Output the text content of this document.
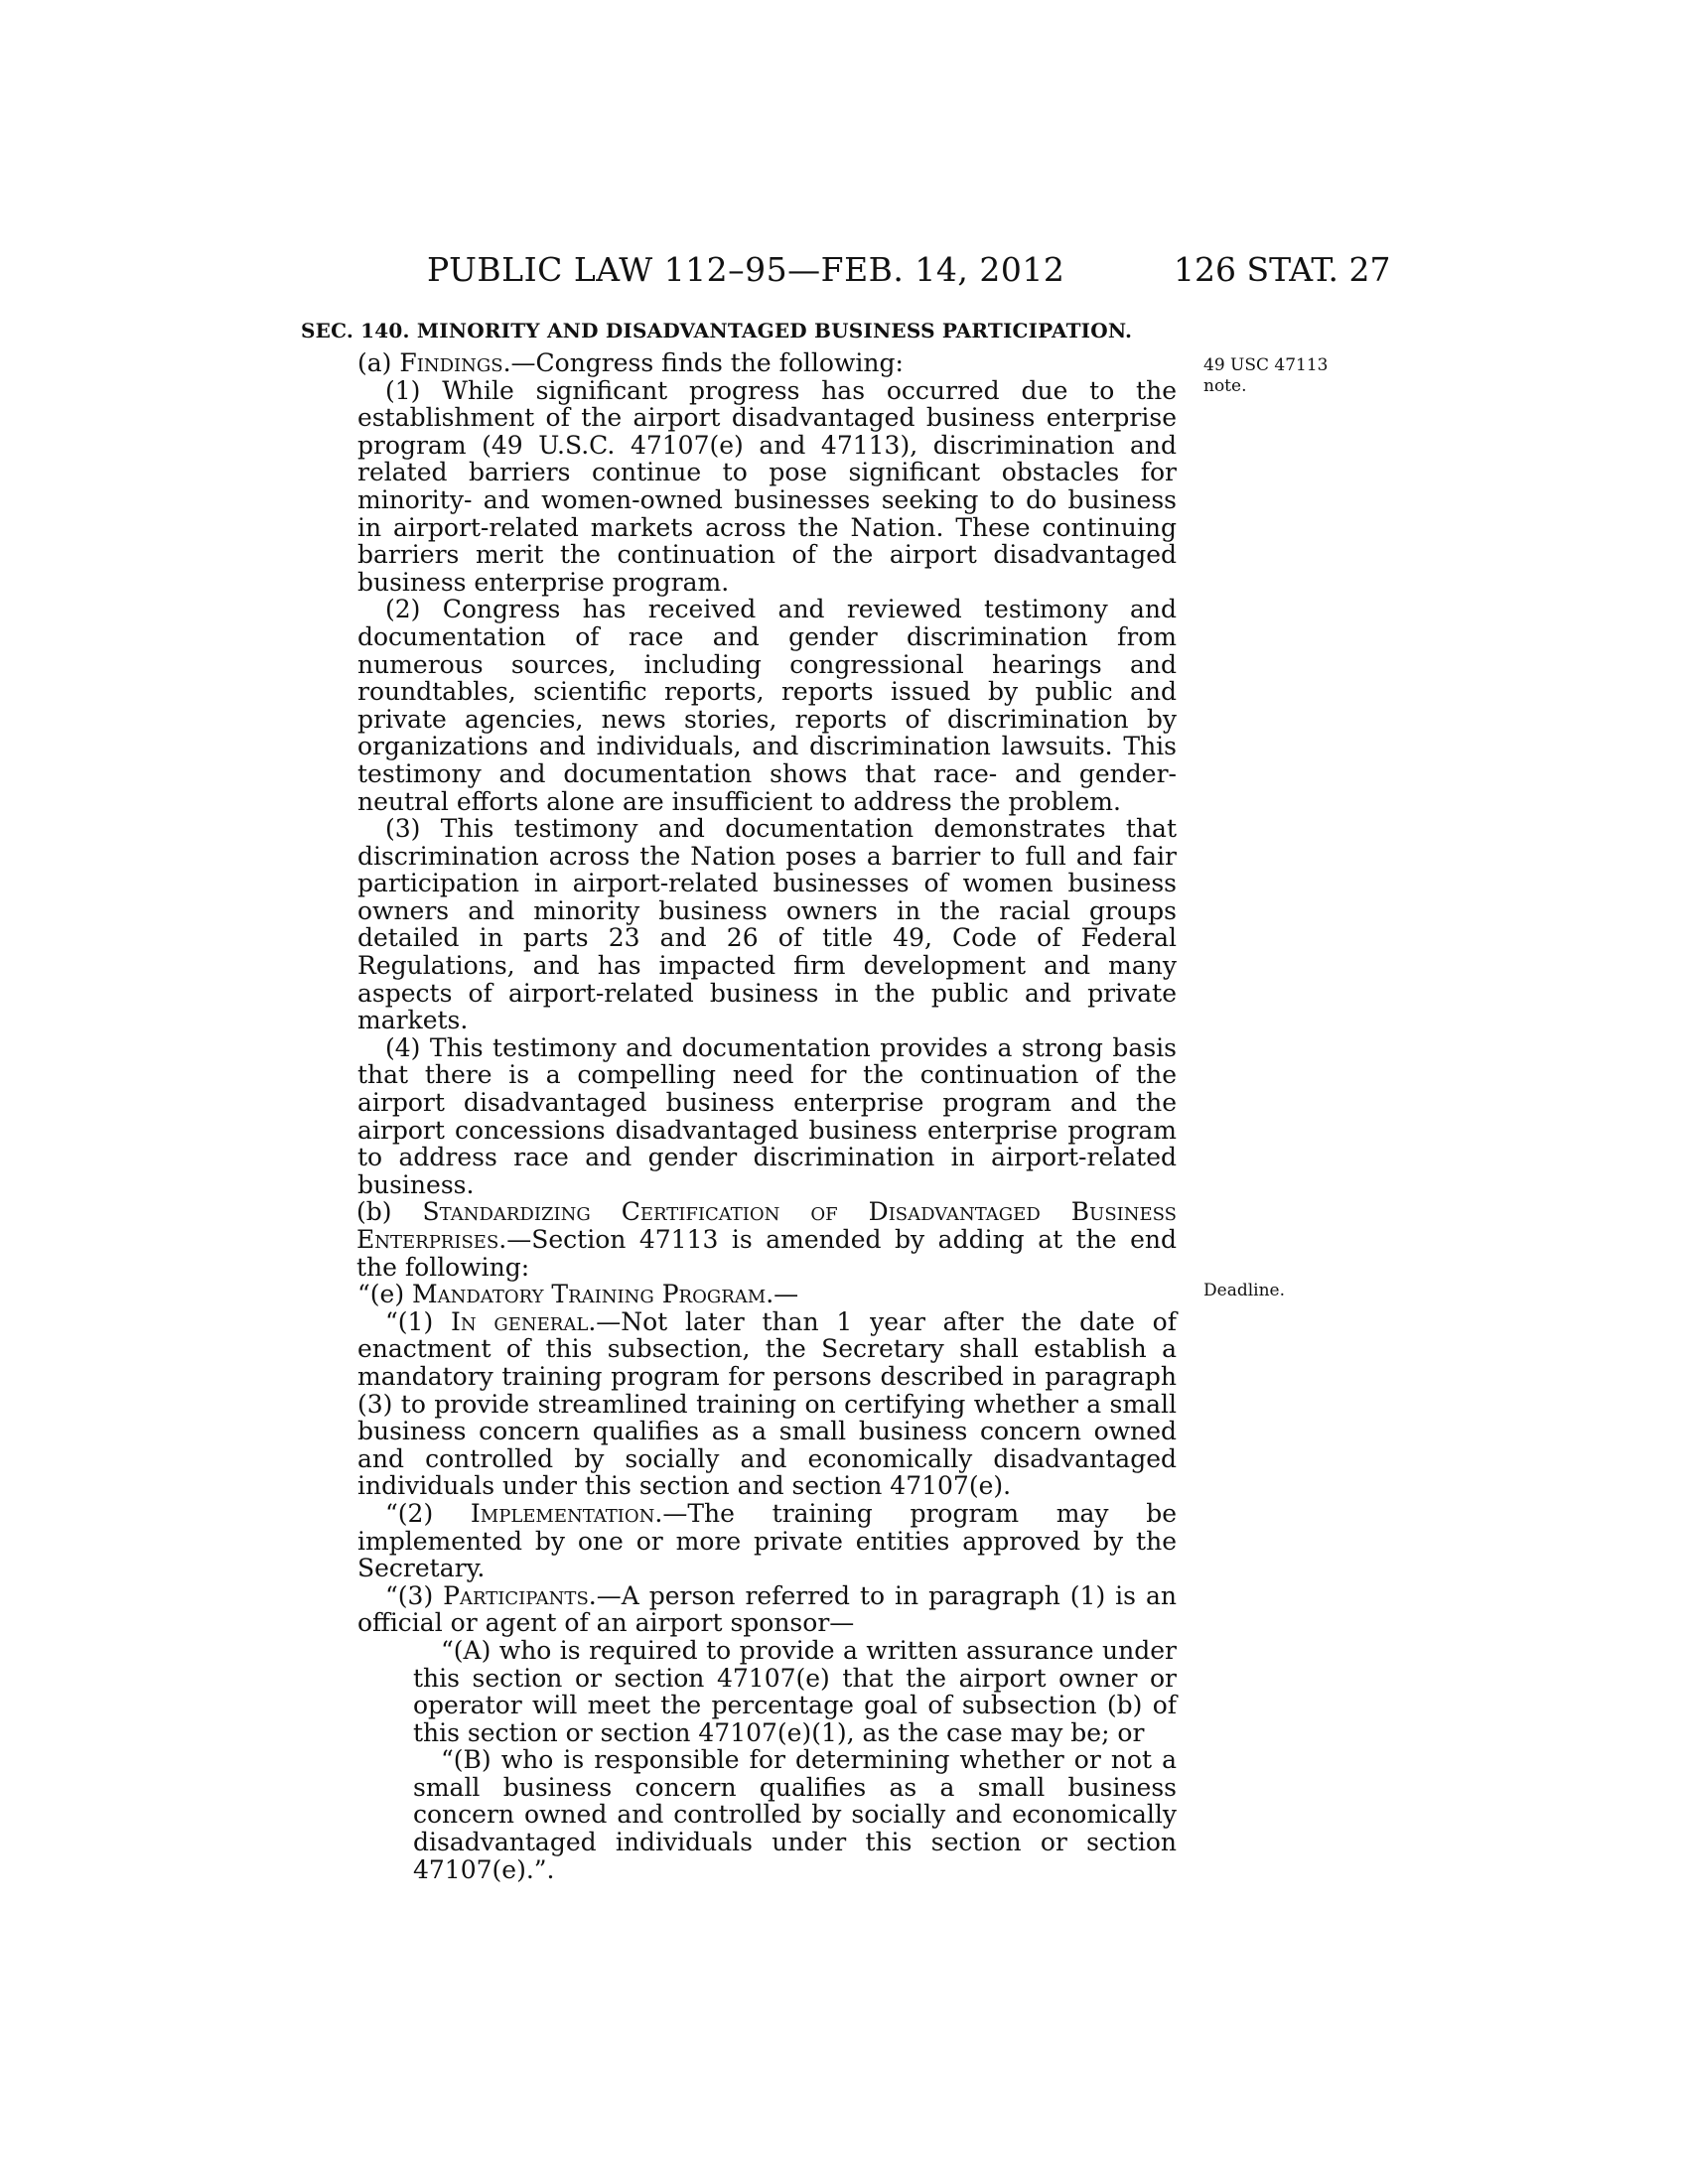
PUBLIC LAW 112–95—FEB. 14, 2012	126 STAT. 27
SEC. 140. MINORITY AND DISADVANTAGED BUSINESS PARTICIPATION.
49 USC 47113
note.
Deadline.

(a) Findings.—Congress finds the following:

(1) While significant progress has occurred due to the establishment of the airport disadvantaged business enterprise program (49 U.S.C. 47107(e) and 47113), discrimination and related barriers continue to pose significant obstacles for minority- and women-owned businesses seeking to do business in airport-related markets across the Nation. These continuing barriers merit the continuation of the airport disadvantaged business enterprise program.

(2) Congress has received and reviewed testimony and documentation of race and gender discrimination from numerous sources, including congressional hearings and roundtables, scientific reports, reports issued by public and private agencies, news stories, reports of discrimination by organizations and individuals, and discrimination lawsuits. This testimony and documentation shows that race- and gender-neutral efforts alone are insufficient to address the problem.

(3) This testimony and documentation demonstrates that discrimination across the Nation poses a barrier to full and fair participation in airport-related businesses of women business owners and minority business owners in the racial groups detailed in parts 23 and 26 of title 49, Code of Federal Regulations, and has impacted firm development and many aspects of airport-related business in the public and private markets.

(4) This testimony and documentation provides a strong basis that there is a compelling need for the continuation of the airport disadvantaged business enterprise program and the airport concessions disadvantaged business enterprise program to address race and gender discrimination in airport-related business.

(b) Standardizing Certification of Disadvantaged Business Enterprises.—Section 47113 is amended by adding at the end the following:

“(e) Mandatory Training Program.—

“(1) In general.—Not later than 1 year after the date of enactment of this subsection, the Secretary shall establish a mandatory training program for persons described in paragraph (3) to provide streamlined training on certifying whether a small business concern qualifies as a small business concern owned and controlled by socially and economically disadvantaged individuals under this section and section 47107(e).

“(2) Implementation.—The training program may be implemented by one or more private entities approved by the Secretary.

“(3) Participants.—A person referred to in paragraph (1) is an official or agent of an airport sponsor—

“(A) who is required to provide a written assurance under this section or section 47107(e) that the airport owner or operator will meet the percentage goal of subsection (b) of this section or section 47107(e)(1), as the case may be; or

“(B) who is responsible for determining whether or not a small business concern qualifies as a small business concern owned and controlled by socially and economically disadvantaged individuals under this section or section 47107(e).”.
